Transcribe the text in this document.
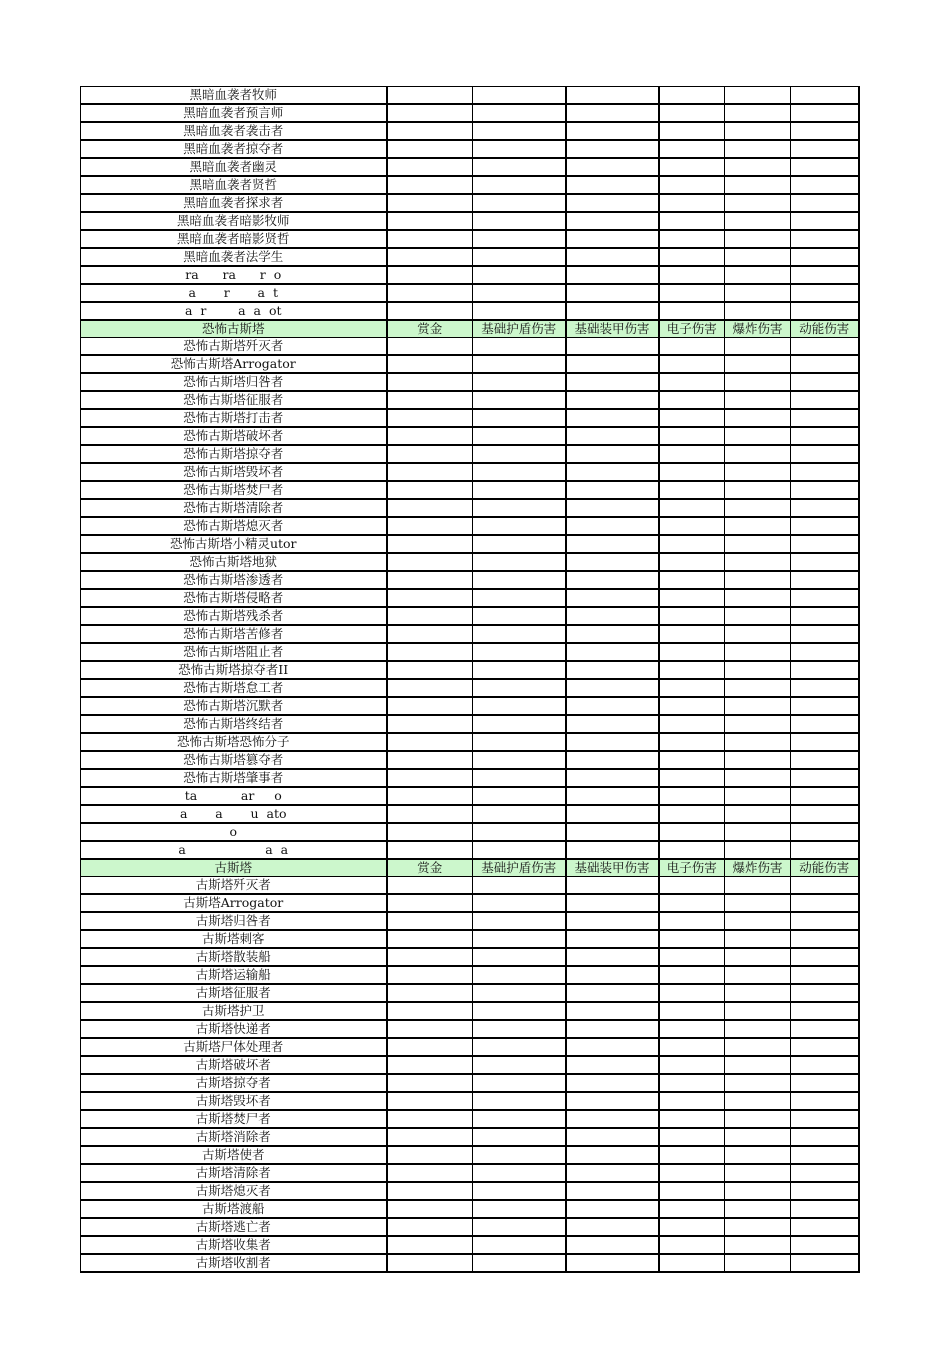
黑暗血袭者牧师						
黑暗血袭者预言师						
黑暗血袭者袭击者						
黑暗血袭者掠夺者						
黑暗血袭者幽灵						
黑暗血袭者贤哲						
黑暗血袭者探求者						
黑暗血袭者暗影牧师						
黑暗血袭者暗影贤哲						
黑暗血袭者法学生						
ra      ra      r  o						
a       r       a  t						
a  r        a  a  ot						
恐怖古斯塔	赏金	基础护盾伤害	基础装甲伤害	电子伤害	爆炸伤害	动能伤害
恐怖古斯塔歼灭者						
恐怖古斯塔Arrogator						
恐怖古斯塔归咎者						
恐怖古斯塔征服者						
恐怖古斯塔打击者						
恐怖古斯塔破坏者						
恐怖古斯塔掠夺者						
恐怖古斯塔毁坏者						
恐怖古斯塔焚尸者						
恐怖古斯塔清除者						
恐怖古斯塔熄灭者						
恐怖古斯塔小精灵utor						
恐怖古斯塔地狱						
恐怖古斯塔渗透者						
恐怖古斯塔侵略者						
恐怖古斯塔残杀者						
恐怖古斯塔苦修者						
恐怖古斯塔阻止者						
恐怖古斯塔掠夺者II						
恐怖古斯塔怠工者						
恐怖古斯塔沉默者						
恐怖古斯塔终结者						
恐怖古斯塔恐怖分子						
恐怖古斯塔篡夺者						
恐怖古斯塔肇事者						
ta           ar     o						
a       a       u  ato						
o						
a                    a  a						
古斯塔	赏金	基础护盾伤害	基础装甲伤害	电子伤害	爆炸伤害	动能伤害
古斯塔歼灭者						
古斯塔Arrogator						
古斯塔归咎者						
古斯塔刺客						
古斯塔散装船						
古斯塔运输船						
古斯塔征服者						
古斯塔护卫						
古斯塔快递者						
古斯塔尸体处理者						
古斯塔破坏者						
古斯塔掠夺者						
古斯塔毁坏者						
古斯塔焚尸者						
古斯塔消除者						
古斯塔使者						
古斯塔清除者						
古斯塔熄灭者						
古斯塔渡船						
古斯塔逃亡者						
古斯塔收集者						
古斯塔收割者						
